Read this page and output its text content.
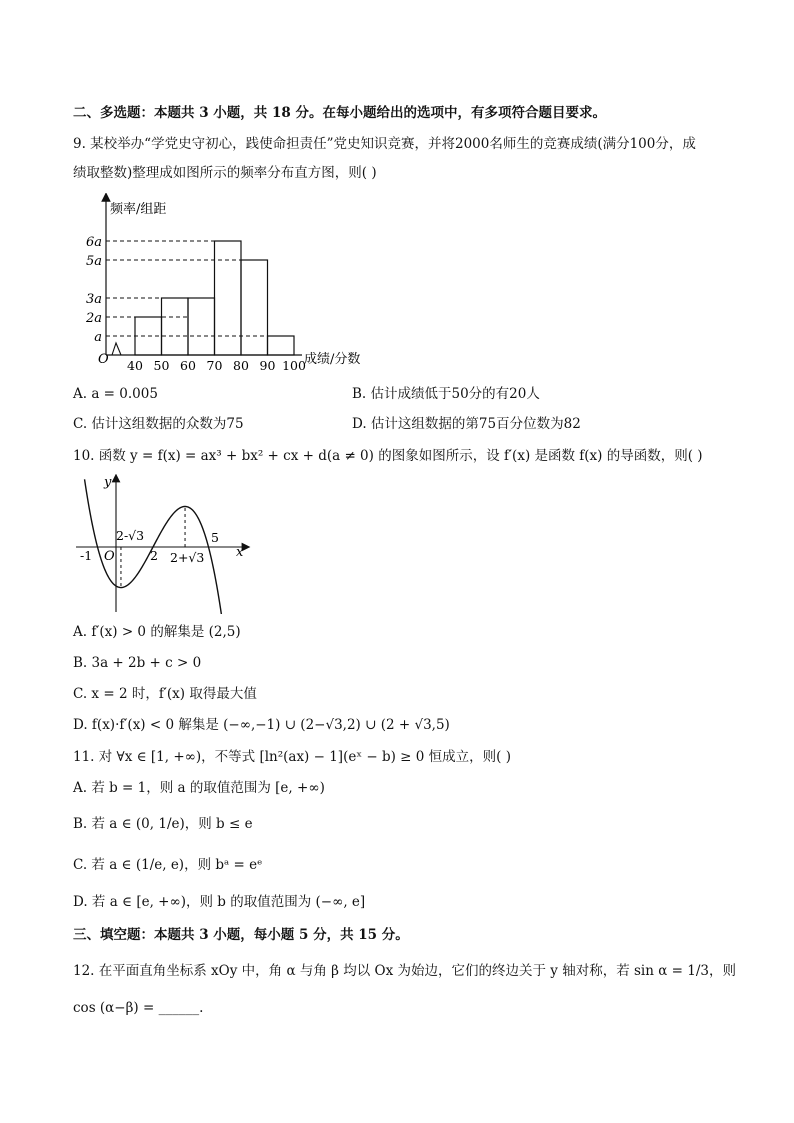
二、多选题：本题共 3 小题，共 18 分。在每小题给出的选项中，有多项符合题目要求。
9. 某校举办“学党史守初心，践使命担责任”党史知识竞赛，并将2000名师生的竞赛成绩(满分100分，成
绩取整数)整理成如图所示的频率分布直方图，则( )
频率/组距
成绩/分数
O
a
2a
3a
5a
6a
40 50 60 70 80 90 100
A. a = 0.005	B. 估计成绩低于50分的有20人
C. 估计这组数据的众数为75	D. 估计这组数据的第75百分位数为82
10. 函数 y = f(x) = ax³ + bx² + cx + d(a ≠ 0) 的图象如图所示，设 f′(x) 是函数 f(x) 的导函数，则( )
y
x
O
-1
2-√3
2 2+√3
5
A. f′(x) > 0 的解集是 (2,5)
B. 3a + 2b + c > 0
C. x = 2 时，f′(x) 取得最大值
D. f(x)·f′(x) < 0 解集是 (−∞,−1) ∪ (2−√3,2) ∪ (2 + √3,5)
11. 对 ∀x ∈ [1, +∞)，不等式 [ln²(ax) − 1](eˣ − b) ≥ 0 恒成立，则( )
A. 若 b = 1，则 a 的取值范围为 [e, +∞)
B. 若 a ∈ (0, 1/e)，则 b ≤ e
C. 若 a ∈ (1/e, e)，则 bᵃ = eᵉ
D. 若 a ∈ [e, +∞)，则 b 的取值范围为 (−∞, e]
三、填空题：本题共 3 小题，每小题 5 分，共 15 分。
12. 在平面直角坐标系 xOy 中，角 α 与角 β 均以 Ox 为始边，它们的终边关于 y 轴对称，若 sin α = 1/3，则
cos (α−β) = ______.
